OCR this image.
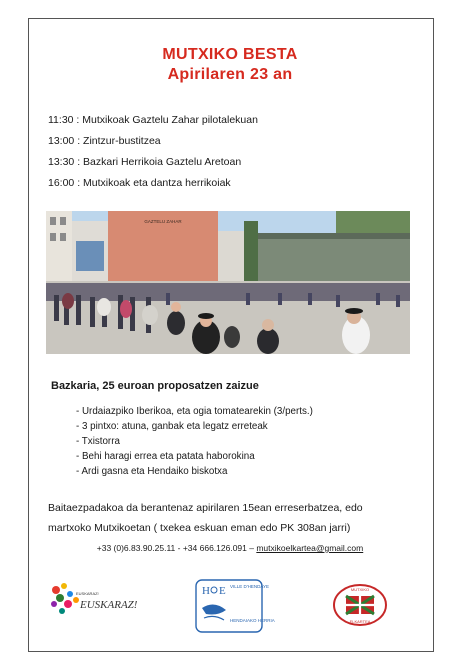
MUTXIKO BESTA
Apirilaren 23 an
11:30 : Mutxikoak Gaztelu Zahar pilotalekuan
13:00 : Zintzur-bustitzea
13:30 : Bazkari Herrikoia Gaztelu Aretoan
16:00 : Mutxikoak eta dantza herrikoiak
GAZTELU ZAHAR
Bazkaria, 25 euroan proposatzen zaizue
- Urdaiazpiko Iberikoa, eta ogia tomatearekin (3/perts.)
- 3 pintxo: atuna, ganbak eta legatz erreteak
- Txistorra
- Behi haragi errea eta patata haborokina
- Ardi gasna eta Hendaiko biskotxa
Baitaezpadakoa da berantenaz apirilaren 15ean erreserbatzea, edo
martxoko Mutxikoetan ( txekea eskuan eman edo PK 308an jarri)
+33 (0)6.83.90.25.11 - +34 666.126.091 – mutxikoelkartea@gmail.com
EUSKARAZ!
EUSKARAZ!
H E VILLE D'HENDAYE
HENDAIAKO HERRIA
MUTXIKO
ELKARTEA
